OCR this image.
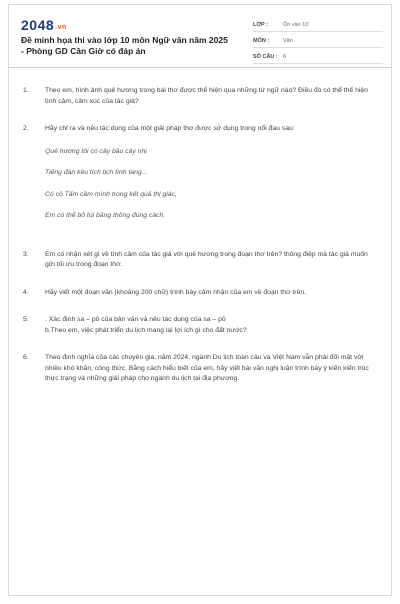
2048.vn
Đề minh họa thi vào lớp 10 môn Ngữ văn năm 2025 - Phòng GD Cần Giờ có đáp án
LỚP :	Ôn vào 10
MÔN :	Văn
SỐ CÂU : 6
1.	Theo em, hình ảnh quê hương trong bài thơ được thể hiện qua những từ ngữ nào? Điều đó có thể thể hiện tình cảm, cảm xúc của tác giả?

2.	Hãy chỉ ra và nêu tác dụng của một giải pháp thơ được sử dụng trong nổi đau sau:

Quê hương tôi có cây bầu cây nhị
Tiếng đàn kêu tích tịch tình tang...
Có cô Tấm cầm mình trong kết quả thị giác,
Em có thể bỏ túi băng thông đúng cách.
3.	Em có nhận xét gì về tình cảm của tác giả với quê hương trong đoạn thơ trên? thông điệp mà tác giả muốn gửi tối ưu trong đoạn thơ.

4.	Hãy viết một đoạn văn (khoảng 200 chữ) trình bày cảm nhận của em về đoạn thơ trên.

5.	. Xác định sa – pô của bản văn và nêu tác dụng của sa – pô

b.Theo em, việc phát triển du lịch mang lại lợi ích gì cho đất nước?

6.	Theo định nghĩa của các chuyên gia, năm 2024, ngành Du lịch toàn cầu và Việt Nam vẫn phải đối mặt với nhiều khó khăn, công thức. Bằng cách hiểu biết của em, hãy viết bài văn nghị luận trình bày ý kiến kiến trúc thực trạng và những giải pháp cho ngành du lịch tại địa phương.
